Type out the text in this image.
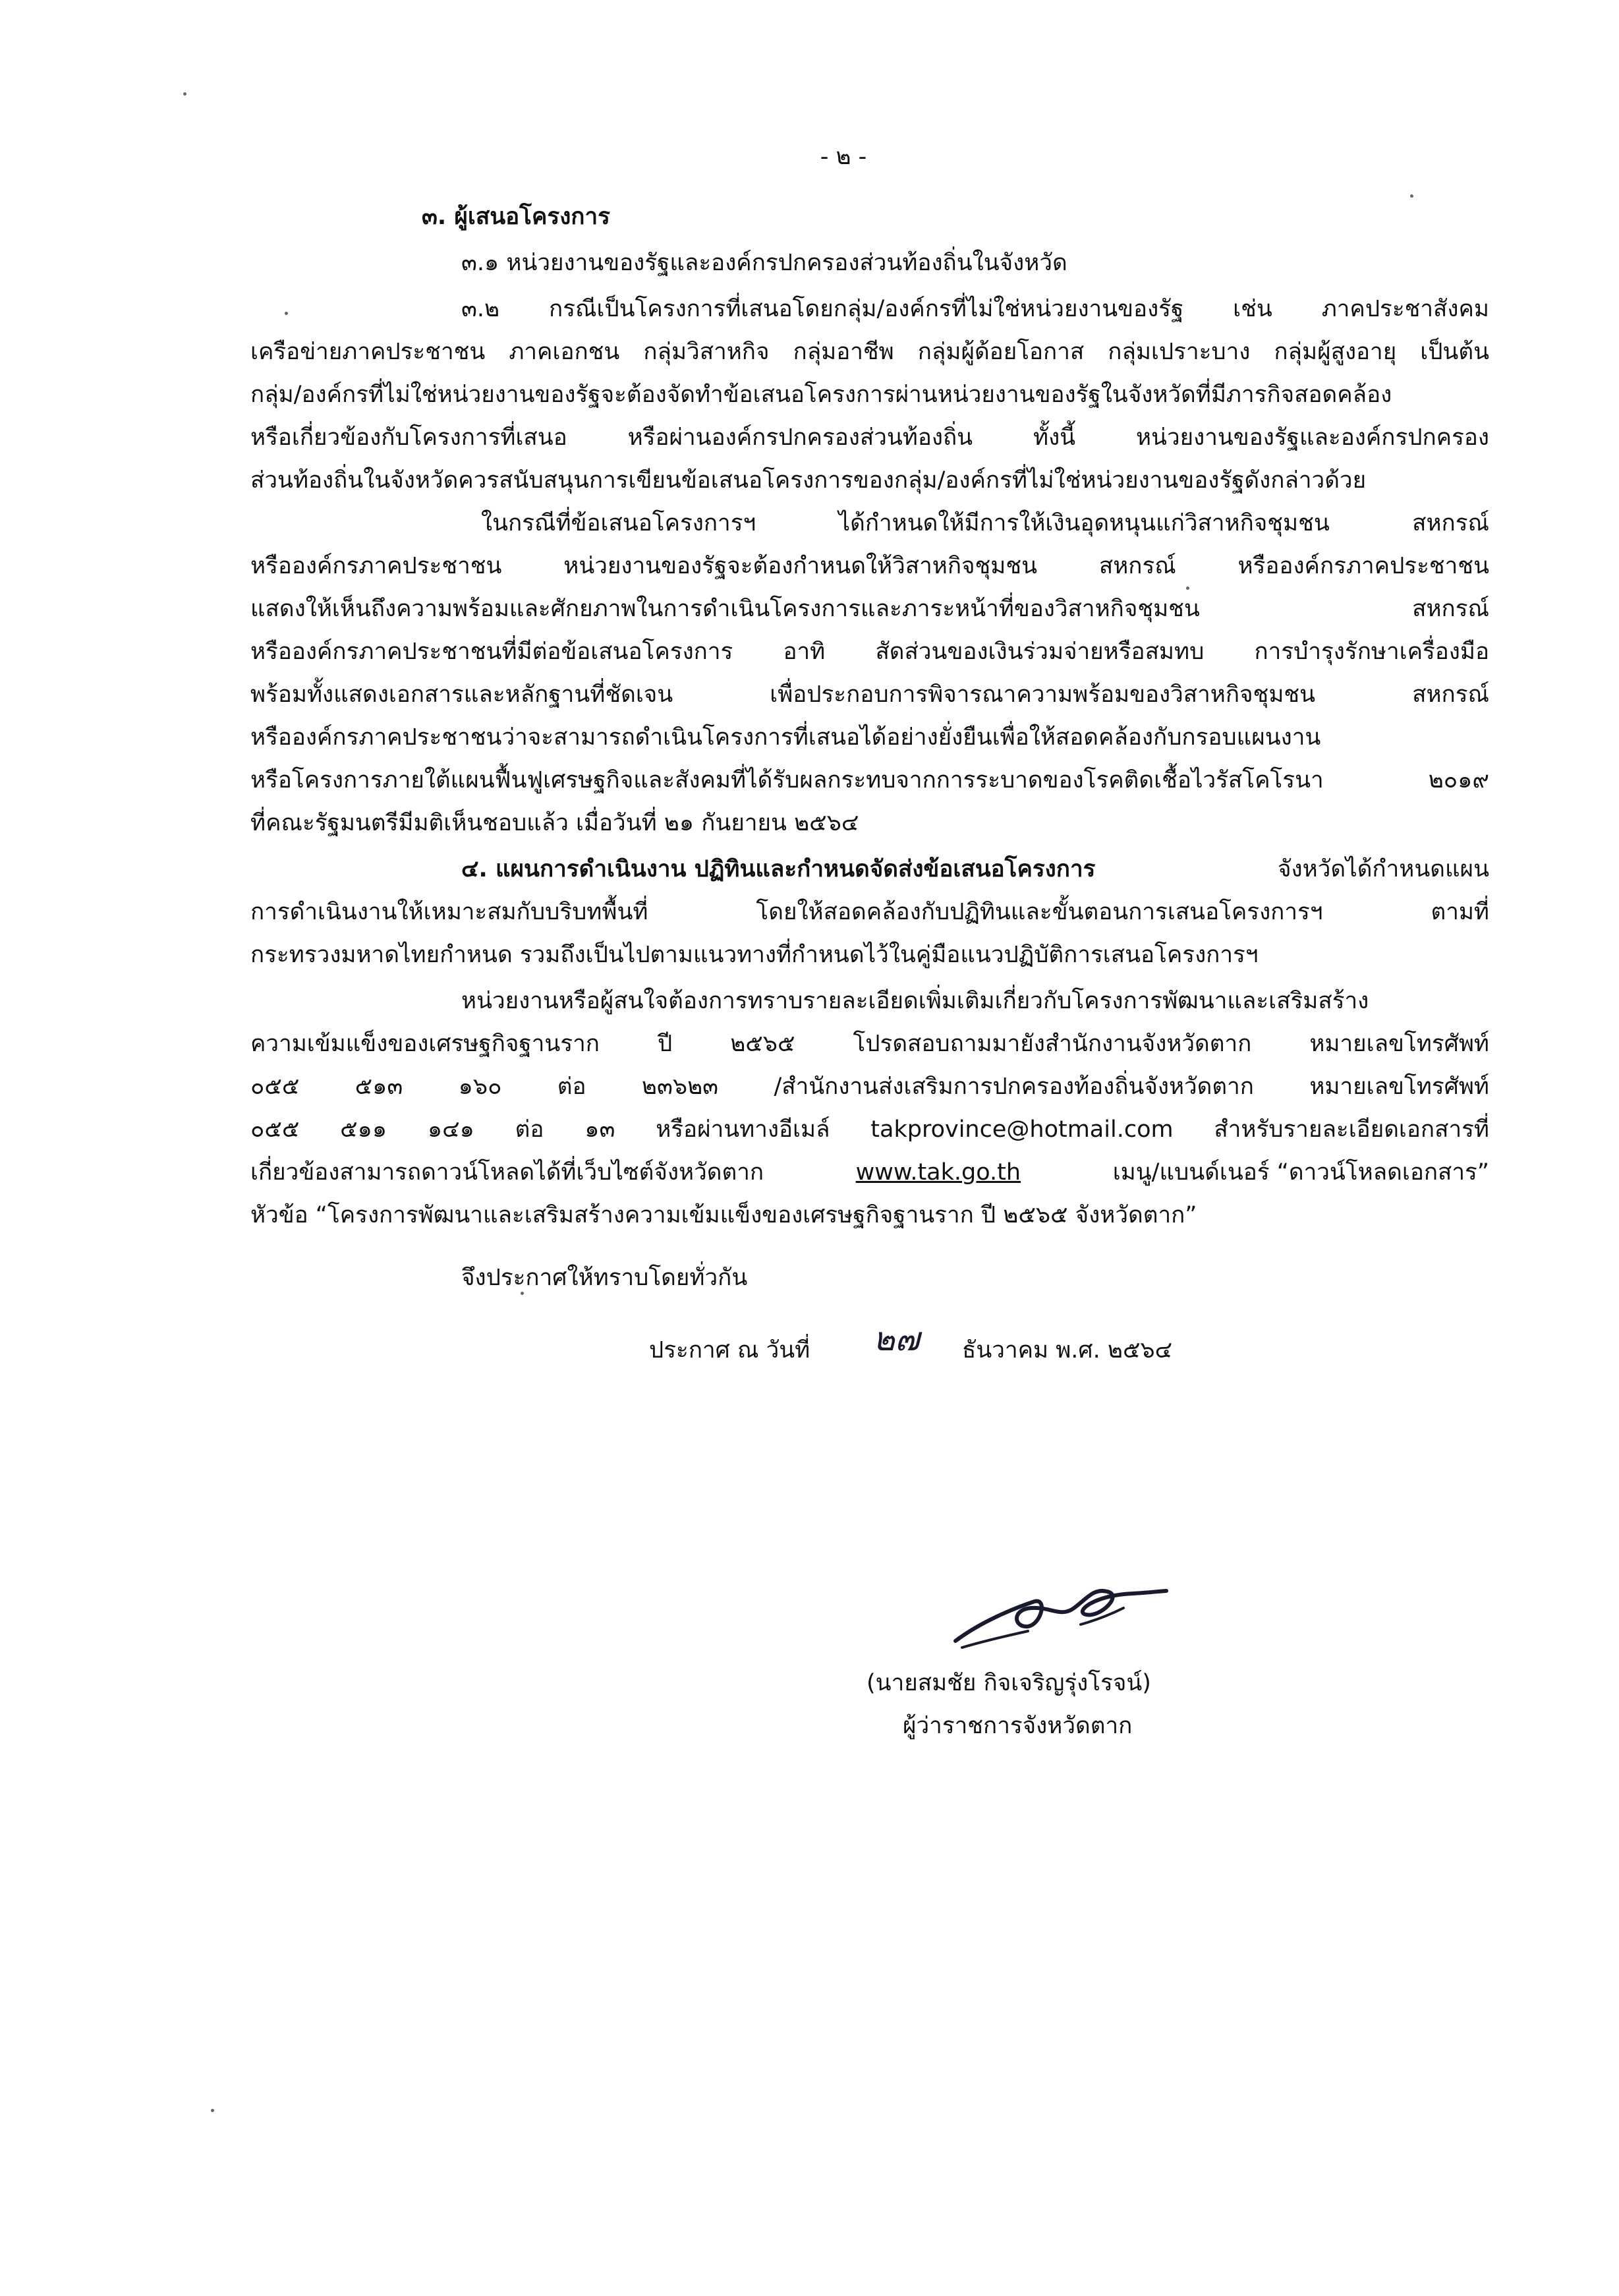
- ๒ -
๓. ผู้เสนอโครงการ
๓.๑ หน่วยงานของรัฐและองค์กรปกครองส่วนท้องถิ่นในจังหวัด
๓.๒ กรณีเป็นโครงการที่เสนอโดยกลุ่ม/องค์กรที่ไม่ใช่หน่วยงานของรัฐ เช่น ภาคประชาสังคม
เครือข่ายภาคประชาชน ภาคเอกชน กลุ่มวิสาหกิจ กลุ่มอาชีพ กลุ่มผู้ด้อยโอกาส กลุ่มเปราะบาง กลุ่มผู้สูงอายุ เป็นต้น
กลุ่ม/องค์กรที่ไม่ใช่หน่วยงานของรัฐจะต้องจัดทำข้อเสนอโครงการผ่านหน่วยงานของรัฐในจังหวัดที่มีภารกิจสอดคล้อง
หรือเกี่ยวข้องกับโครงการที่เสนอ หรือผ่านองค์กรปกครองส่วนท้องถิ่น ทั้งนี้ หน่วยงานของรัฐและองค์กรปกครอง
ส่วนท้องถิ่นในจังหวัดควรสนับสนุนการเขียนข้อเสนอโครงการของกลุ่ม/องค์กรที่ไม่ใช่หน่วยงานของรัฐดังกล่าวด้วย
ในกรณีที่ข้อเสนอโครงการฯ ได้กำหนดให้มีการให้เงินอุดหนุนแก่วิสาหกิจชุมชน สหกรณ์
หรือองค์กรภาคประชาชน หน่วยงานของรัฐจะต้องกำหนดให้วิสาหกิจชุมชน สหกรณ์ หรือองค์กรภาคประชาชน
แสดงให้เห็นถึงความพร้อมและศักยภาพในการดำเนินโครงการและภาระหน้าที่ของวิสาหกิจชุมชน สหกรณ์
หรือองค์กรภาคประชาชนที่มีต่อข้อเสนอโครงการ อาทิ สัดส่วนของเงินร่วมจ่ายหรือสมทบ การบำรุงรักษาเครื่องมือ
พร้อมทั้งแสดงเอกสารและหลักฐานที่ชัดเจน เพื่อประกอบการพิจารณาความพร้อมของวิสาหกิจชุมชน สหกรณ์
หรือองค์กรภาคประชาชนว่าจะสามารถดำเนินโครงการที่เสนอได้อย่างยั่งยืนเพื่อให้สอดคล้องกับกรอบแผนงาน
หรือโครงการภายใต้แผนฟื้นฟูเศรษฐกิจและสังคมที่ได้รับผลกระทบจากการระบาดของโรคติดเชื้อไวรัสโคโรนา ๒๐๑๙
ที่คณะรัฐมนตรีมีมติเห็นชอบแล้ว เมื่อวันที่ ๒๑ กันยายน ๒๕๖๔
๔. แผนการดำเนินงาน ปฏิทินและกำหนดจัดส่งข้อเสนอโครงการ	จังหวัดได้กำหนดแผน
การดำเนินงานให้เหมาะสมกับบริบทพื้นที่ โดยให้สอดคล้องกับปฏิทินและขั้นตอนการเสนอโครงการฯ ตามที่
กระทรวงมหาดไทยกำหนด รวมถึงเป็นไปตามแนวทางที่กำหนดไว้ในคู่มือแนวปฏิบัติการเสนอโครงการฯ
หน่วยงานหรือผู้สนใจต้องการทราบรายละเอียดเพิ่มเติมเกี่ยวกับโครงการพัฒนาและเสริมสร้าง
ความเข้มแข็งของเศรษฐกิจฐานราก ปี ๒๕๖๕ โปรดสอบถามมายังสำนักงานจังหวัดตาก หมายเลขโทรศัพท์
๐๕๕ ๕๑๓ ๑๖๐ ต่อ ๒๓๖๒๓ /สำนักงานส่งเสริมการปกครองท้องถิ่นจังหวัดตาก หมายเลขโทรศัพท์
๐๕๕ ๕๑๑ ๑๔๑ ต่อ ๑๓ หรือผ่านทางอีเมล์ takprovince@hotmail.com สำหรับรายละเอียดเอกสารที่
เกี่ยวข้องสามารถดาวน์โหลดได้ที่เว็บไซต์จังหวัดตาก	www.tak.go.th	เมนู/แบนด์เนอร์ “ดาวน์โหลดเอกสาร”
หัวข้อ “โครงการพัฒนาและเสริมสร้างความเข้มแข็งของเศรษฐกิจฐานราก ปี ๒๕๖๕ จังหวัดตาก”
จึงประกาศให้ทราบโดยทั่วกัน
ประกาศ ณ วันที่ ๒๗ ธันวาคม พ.ศ. ๒๕๖๔
(นายสมชัย กิจเจริญรุ่งโรจน์)
ผู้ว่าราชการจังหวัดตาก
